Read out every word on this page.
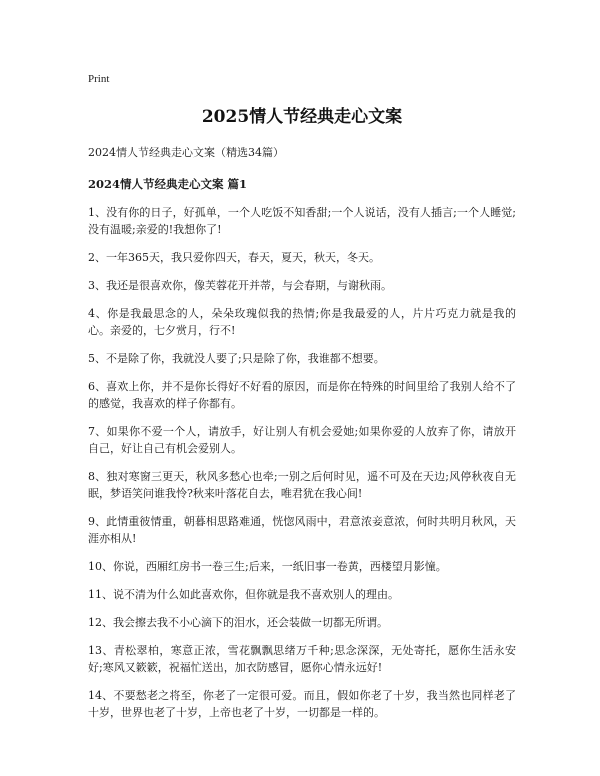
Print
2025情人节经典走心文案
2024情人节经典走心文案（精选34篇）
2024情人节经典走心文案 篇1

1、没有你的日子，好孤单，一个人吃饭不知香甜;一个人说话，没有人插言;一个人睡觉;没有温暖;亲爱的!我想你了!

2、一年365天，我只爱你四天，春天，夏天，秋天，冬天。

3、我还是很喜欢你，像芙蓉花开并蒂，与会春期，与谢秋雨。

4、你是我最思念的人，朵朵玫瑰似我的热情;你是我最爱的人，片片巧克力就是我的心。亲爱的，七夕赏月，行不!

5、不是除了你，我就没人要了;只是除了你，我谁都不想要。

6、喜欢上你，并不是你长得好不好看的原因，而是你在特殊的时间里给了我别人给不了的感觉，我喜欢的样子你都有。

7、如果你不爱一个人，请放手，好让别人有机会爱她;如果你爱的人放弃了你，请放开自己，好让自己有机会爱别人。

8、独对寒窗三更天，秋风多愁心也牵;一别之后何时见，遥不可及在天边;风停秋夜自无眠，梦语笑问谁我怜?秋来叶落花自去，唯君犹在我心间!

9、此情重彼情重，朝暮相思路难通，恍惚风雨中，君意浓妾意浓，何时共明月秋风，天涯亦相从!

10、你说，西厢红房书一卷三生;后来，一纸旧事一卷黄，西楼望月影憧。

11、说不清为什么如此喜欢你，但你就是我不喜欢别人的理由。

12、我会擦去我不小心滴下的泪水，还会装做一切都无所谓。

13、青松翠柏，寒意正浓，雪花飘飘思绪万千种;思念深深，无处寄托，愿你生活永安好;寒风又簌簌，祝福忙送出，加衣防感冒，愿你心情永远好!

14、不要愁老之将至，你老了一定很可爱。而且，假如你老了十岁，我当然也同样老了十岁，世界也老了十岁，上帝也老了十岁，一切都是一样的。
